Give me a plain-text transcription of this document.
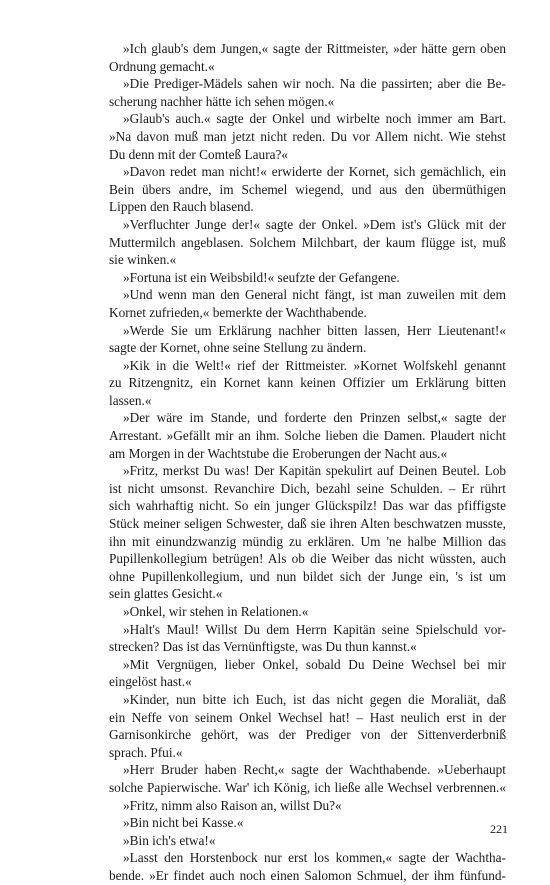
»Ich glaub's dem Jungen,« sagte der Rittmeister, »der hätte gern oben
Ordnung gemacht.«
»Die Prediger-Mädels sahen wir noch. Na die passirten; aber die Be-
scherung nachher hätte ich sehen mögen.«
»Glaub's auch.« sagte der Onkel und wirbelte noch immer am Bart.
»Na davon muß man jetzt nicht reden. Du vor Allem nicht. Wie stehst
Du denn mit der Comteß Laura?«
»Davon redet man nicht!« erwiderte der Kornet, sich gemächlich, ein
Bein übers andre, im Schemel wiegend, und aus den übermüthigen
Lippen den Rauch blasend.
»Verfluchter Junge der!« sagte der Onkel. »Dem ist's Glück mit der
Muttermilch angeblasen. Solchem Milchbart, der kaum flügge ist, muß
sie winken.«
»Fortuna ist ein Weibsbild!« seufzte der Gefangene.
»Und wenn man den General nicht fängt, ist man zuweilen mit dem
Kornet zufrieden,« bemerkte der Wachthabende.
»Werde Sie um Erklärung nachher bitten lassen, Herr Lieutenant!«
sagte der Kornet, ohne seine Stellung zu ändern.
»Kik in die Welt!« rief der Rittmeister. »Kornet Wolfskehl genannt
zu Ritzengnitz, ein Kornet kann keinen Offizier um Erklärung bitten
lassen.«
»Der wäre im Stande, und forderte den Prinzen selbst,« sagte der
Arrestant. »Gefällt mir an ihm. Solche lieben die Damen. Plaudert nicht
am Morgen in der Wachtstube die Eroberungen der Nacht aus.«
»Fritz, merkst Du was! Der Kapitän spekulirt auf Deinen Beutel. Lob
ist nicht umsonst. Revanchire Dich, bezahl seine Schulden. – Er rührt
sich wahrhaftig nicht. So ein junger Glückspilz! Das war das pfiffigste
Stück meiner seligen Schwester, daß sie ihren Alten beschwatzen musste,
ihn mit einundzwanzig mündig zu erklären. Um 'ne halbe Million das
Pupillenkollegium betrügen! Als ob die Weiber das nicht wüssten, auch
ohne Pupillenkollegium, und nun bildet sich der Junge ein, 's ist um
sein glattes Gesicht.«
»Onkel, wir stehen in Relationen.«
»Halt's Maul! Willst Du dem Herrn Kapitän seine Spielschuld vor-
strecken? Das ist das Vernünftigste, was Du thun kannst.«
»Mit Vergnügen, lieber Onkel, sobald Du Deine Wechsel bei mir
eingelöst hast.«
»Kinder, nun bitte ich Euch, ist das nicht gegen die Moraliät, daß
ein Neffe von seinem Onkel Wechsel hat! – Hast neulich erst in der
Garnisonkirche gehört, was der Prediger von der Sittenverderbniß
sprach. Pfui.«
»Herr Bruder haben Recht,« sagte der Wachthabende. »Ueberhaupt
solche Papierwische. War' ich König, ich ließe alle Wechsel verbrennen.«
»Fritz, nimm also Raison an, willst Du?«
»Bin nicht bei Kasse.«
»Bin ich's etwa!«
»Lasst den Horstenbock nur erst los kommen,« sagte der Wachtha-
bende. »Er findet auch noch einen Salomon Schmuel, der ihm fünfund-
221
